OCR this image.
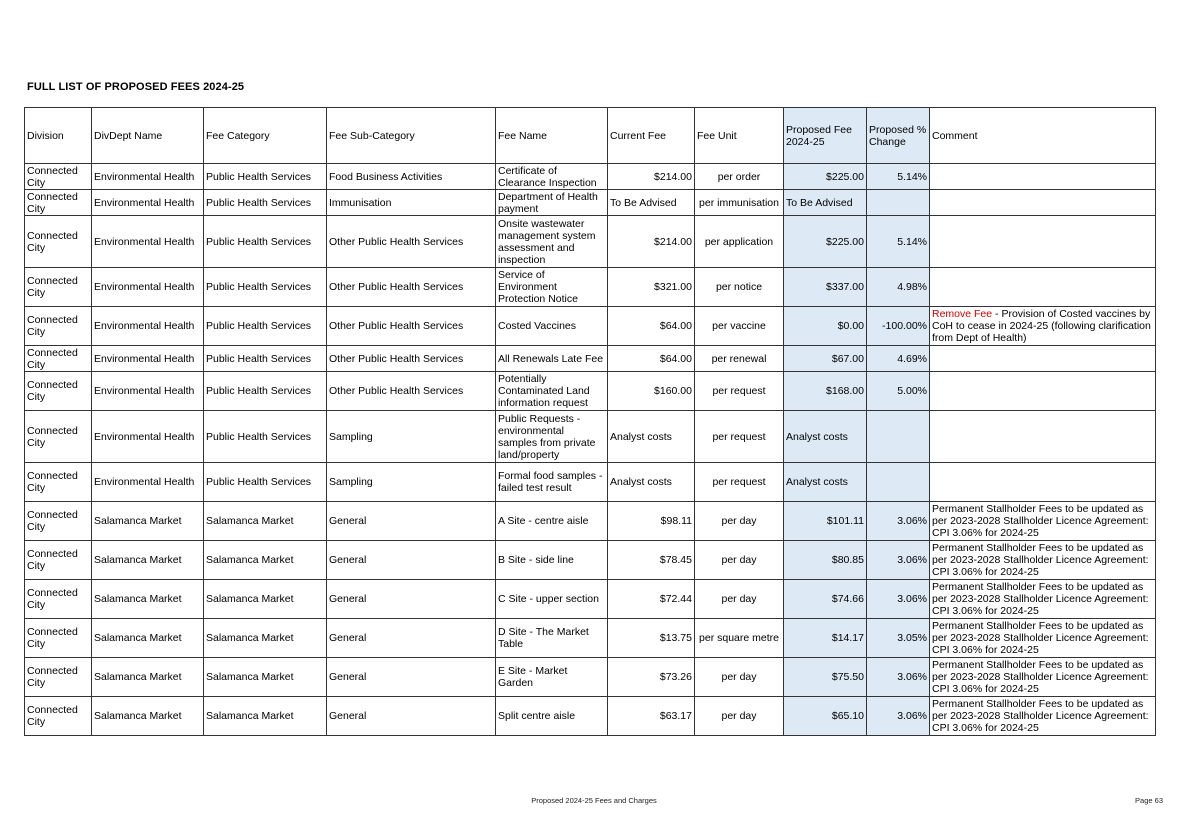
FULL LIST OF PROPOSED FEES 2024-25
Division	DivDept Name	Fee Category	Fee Sub-Category	Fee Name	Current Fee	Fee Unit	Proposed Fee 2024-25	Proposed % Change	Comment
Connected City	Environmental Health	Public Health Services	Food Business Activities	Certificate of Clearance Inspection	$214.00	per order	$225.00	5.14%	
Connected City	Environmental Health	Public Health Services	Immunisation	Department of Health payment	To Be Advised	per immunisation	To Be Advised		
Connected City	Environmental Health	Public Health Services	Other Public Health Services	Onsite wastewater management system assessment and inspection	$214.00	per application	$225.00	5.14%	
Connected City	Environmental Health	Public Health Services	Other Public Health Services	Service of Environment Protection Notice	$321.00	per notice	$337.00	4.98%	
Connected City	Environmental Health	Public Health Services	Other Public Health Services	Costed Vaccines	$64.00	per vaccine	$0.00	-100.00%	Remove Fee - Provision of Costed vaccines by CoH to cease in 2024-25 (following clarification from Dept of Health)
Connected City	Environmental Health	Public Health Services	Other Public Health Services	All Renewals Late Fee	$64.00	per renewal	$67.00	4.69%	
Connected City	Environmental Health	Public Health Services	Other Public Health Services	Potentially Contaminated Land information request	$160.00	per request	$168.00	5.00%	
Connected City	Environmental Health	Public Health Services	Sampling	Public Requests - environmental samples from private land/property	Analyst costs	per request	Analyst costs		
Connected City	Environmental Health	Public Health Services	Sampling	Formal food samples - failed test result	Analyst costs	per request	Analyst costs		
Connected City	Salamanca Market	Salamanca Market	General	A Site - centre aisle	$98.11	per day	$101.11	3.06%	Permanent Stallholder Fees to be updated as per 2023-2028 Stallholder Licence Agreement: CPI 3.06% for 2024-25
Connected City	Salamanca Market	Salamanca Market	General	B Site - side line	$78.45	per day	$80.85	3.06%	Permanent Stallholder Fees to be updated as per 2023-2028 Stallholder Licence Agreement: CPI 3.06% for 2024-25
Connected City	Salamanca Market	Salamanca Market	General	C Site - upper section	$72.44	per day	$74.66	3.06%	Permanent Stallholder Fees to be updated as per 2023-2028 Stallholder Licence Agreement: CPI 3.06% for 2024-25
Connected City	Salamanca Market	Salamanca Market	General	D Site - The Market Table	$13.75	per square metre	$14.17	3.05%	Permanent Stallholder Fees to be updated as per 2023-2028 Stallholder Licence Agreement: CPI 3.06% for 2024-25
Connected City	Salamanca Market	Salamanca Market	General	E Site - Market Garden	$73.26	per day	$75.50	3.06%	Permanent Stallholder Fees to be updated as per 2023-2028 Stallholder Licence Agreement: CPI 3.06% for 2024-25
Connected City	Salamanca Market	Salamanca Market	General	Split centre aisle	$63.17	per day	$65.10	3.06%	Permanent Stallholder Fees to be updated as per 2023-2028 Stallholder Licence Agreement: CPI 3.06% for 2024-25
Proposed 2024-25 Fees and Charges	Page 63
